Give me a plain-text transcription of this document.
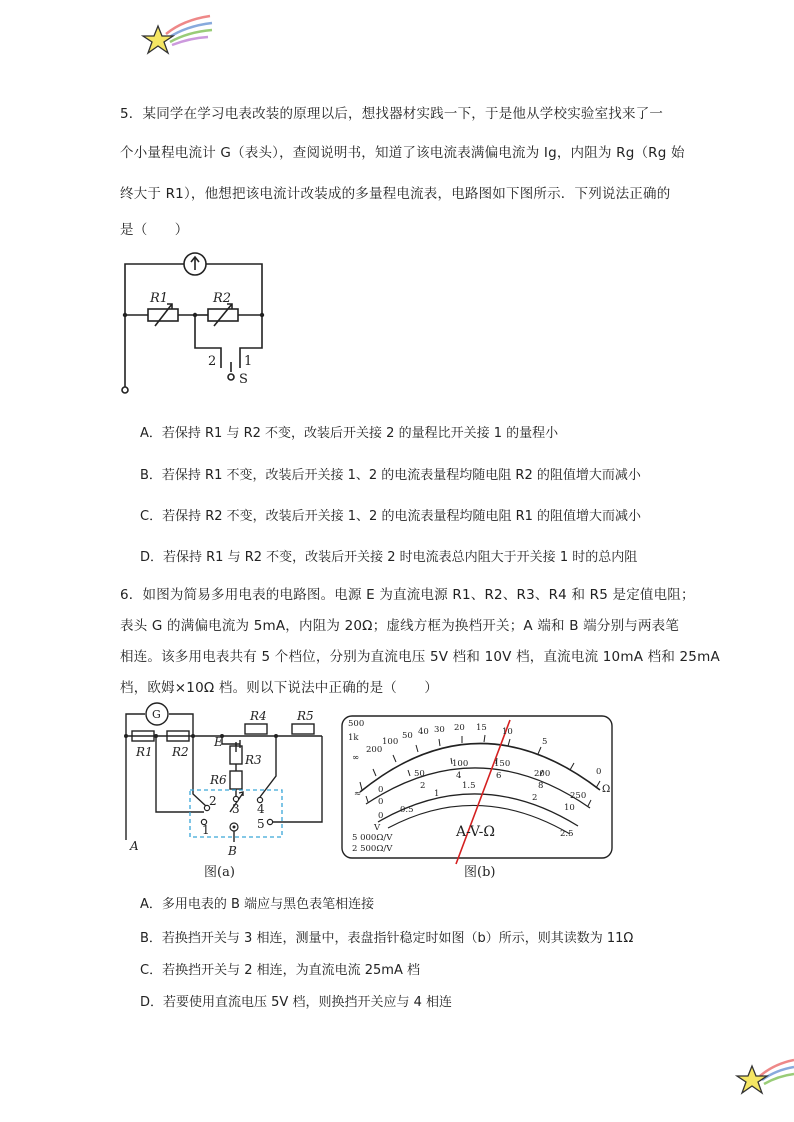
5．某同学在学习电表改装的原理以后，想找器材实践一下，于是他从学校实验室找来了一
个小量程电流计 G（表头），查阅说明书，知道了该电流表满偏电流为 Ig，内阻为 Rg（Rg 始
终大于 R1），他想把该电流计改装成的多量程电流表，电路图如下图所示．下列说法正确的
是（　　）
R1	R2
2 1
S
A．若保持 R1 与 R2 不变，改装后开关接 2 的量程比开关接 1 的量程小
B．若保持 R1 不变，改装后开关接 1、2 的电流表量程均随电阻 R2 的阻值增大而减小
C．若保持 R2 不变，改装后开关接 1、2 的电流表量程均随电阻 R1 的阻值增大而减小
D．若保持 R1 与 R2 不变，改装后开关接 2 时电流表总内阻大于开关接 1 时的总内阻
6．如图为简易多用电表的电路图。电源 E 为直流电源 R1、R2、R3、R4 和 R5 是定值电阻；
表头 G 的满偏电流为 5mA，内阻为 20Ω；虚线方框为换档开关；A 端和 B 端分别与两表笔
相连。该多用电表共有 5 个档位，分别为直流电压 5V 档和 10V 档，直流电流 10mA 档和 25mA
档，欧姆×10Ω 档。则以下说法中正确的是（　　）
G
R1 R2
R4	R5
E
R3
R6
1
2
3 4
5
A	B
图(a)
500
1k
200
100
50 40 30 20 15 10
5
0
Ω
∞
≈ 0
50
100	150
200
250
0
2
4	6
8
10
0
0.5
1
1.5
2
2.5
V
5 000Ω/V
2 500Ω/V
A-V-Ω
图(b)
A．多用电表的 B 端应与黑色表笔相连接
B．若换挡开关与 3 相连，测量中，表盘指针稳定时如图（b）所示，则其读数为 11Ω
C．若换挡开关与 2 相连，为直流电流 25mA 档
D．若要使用直流电压 5V 档，则换挡开关应与 4 相连
